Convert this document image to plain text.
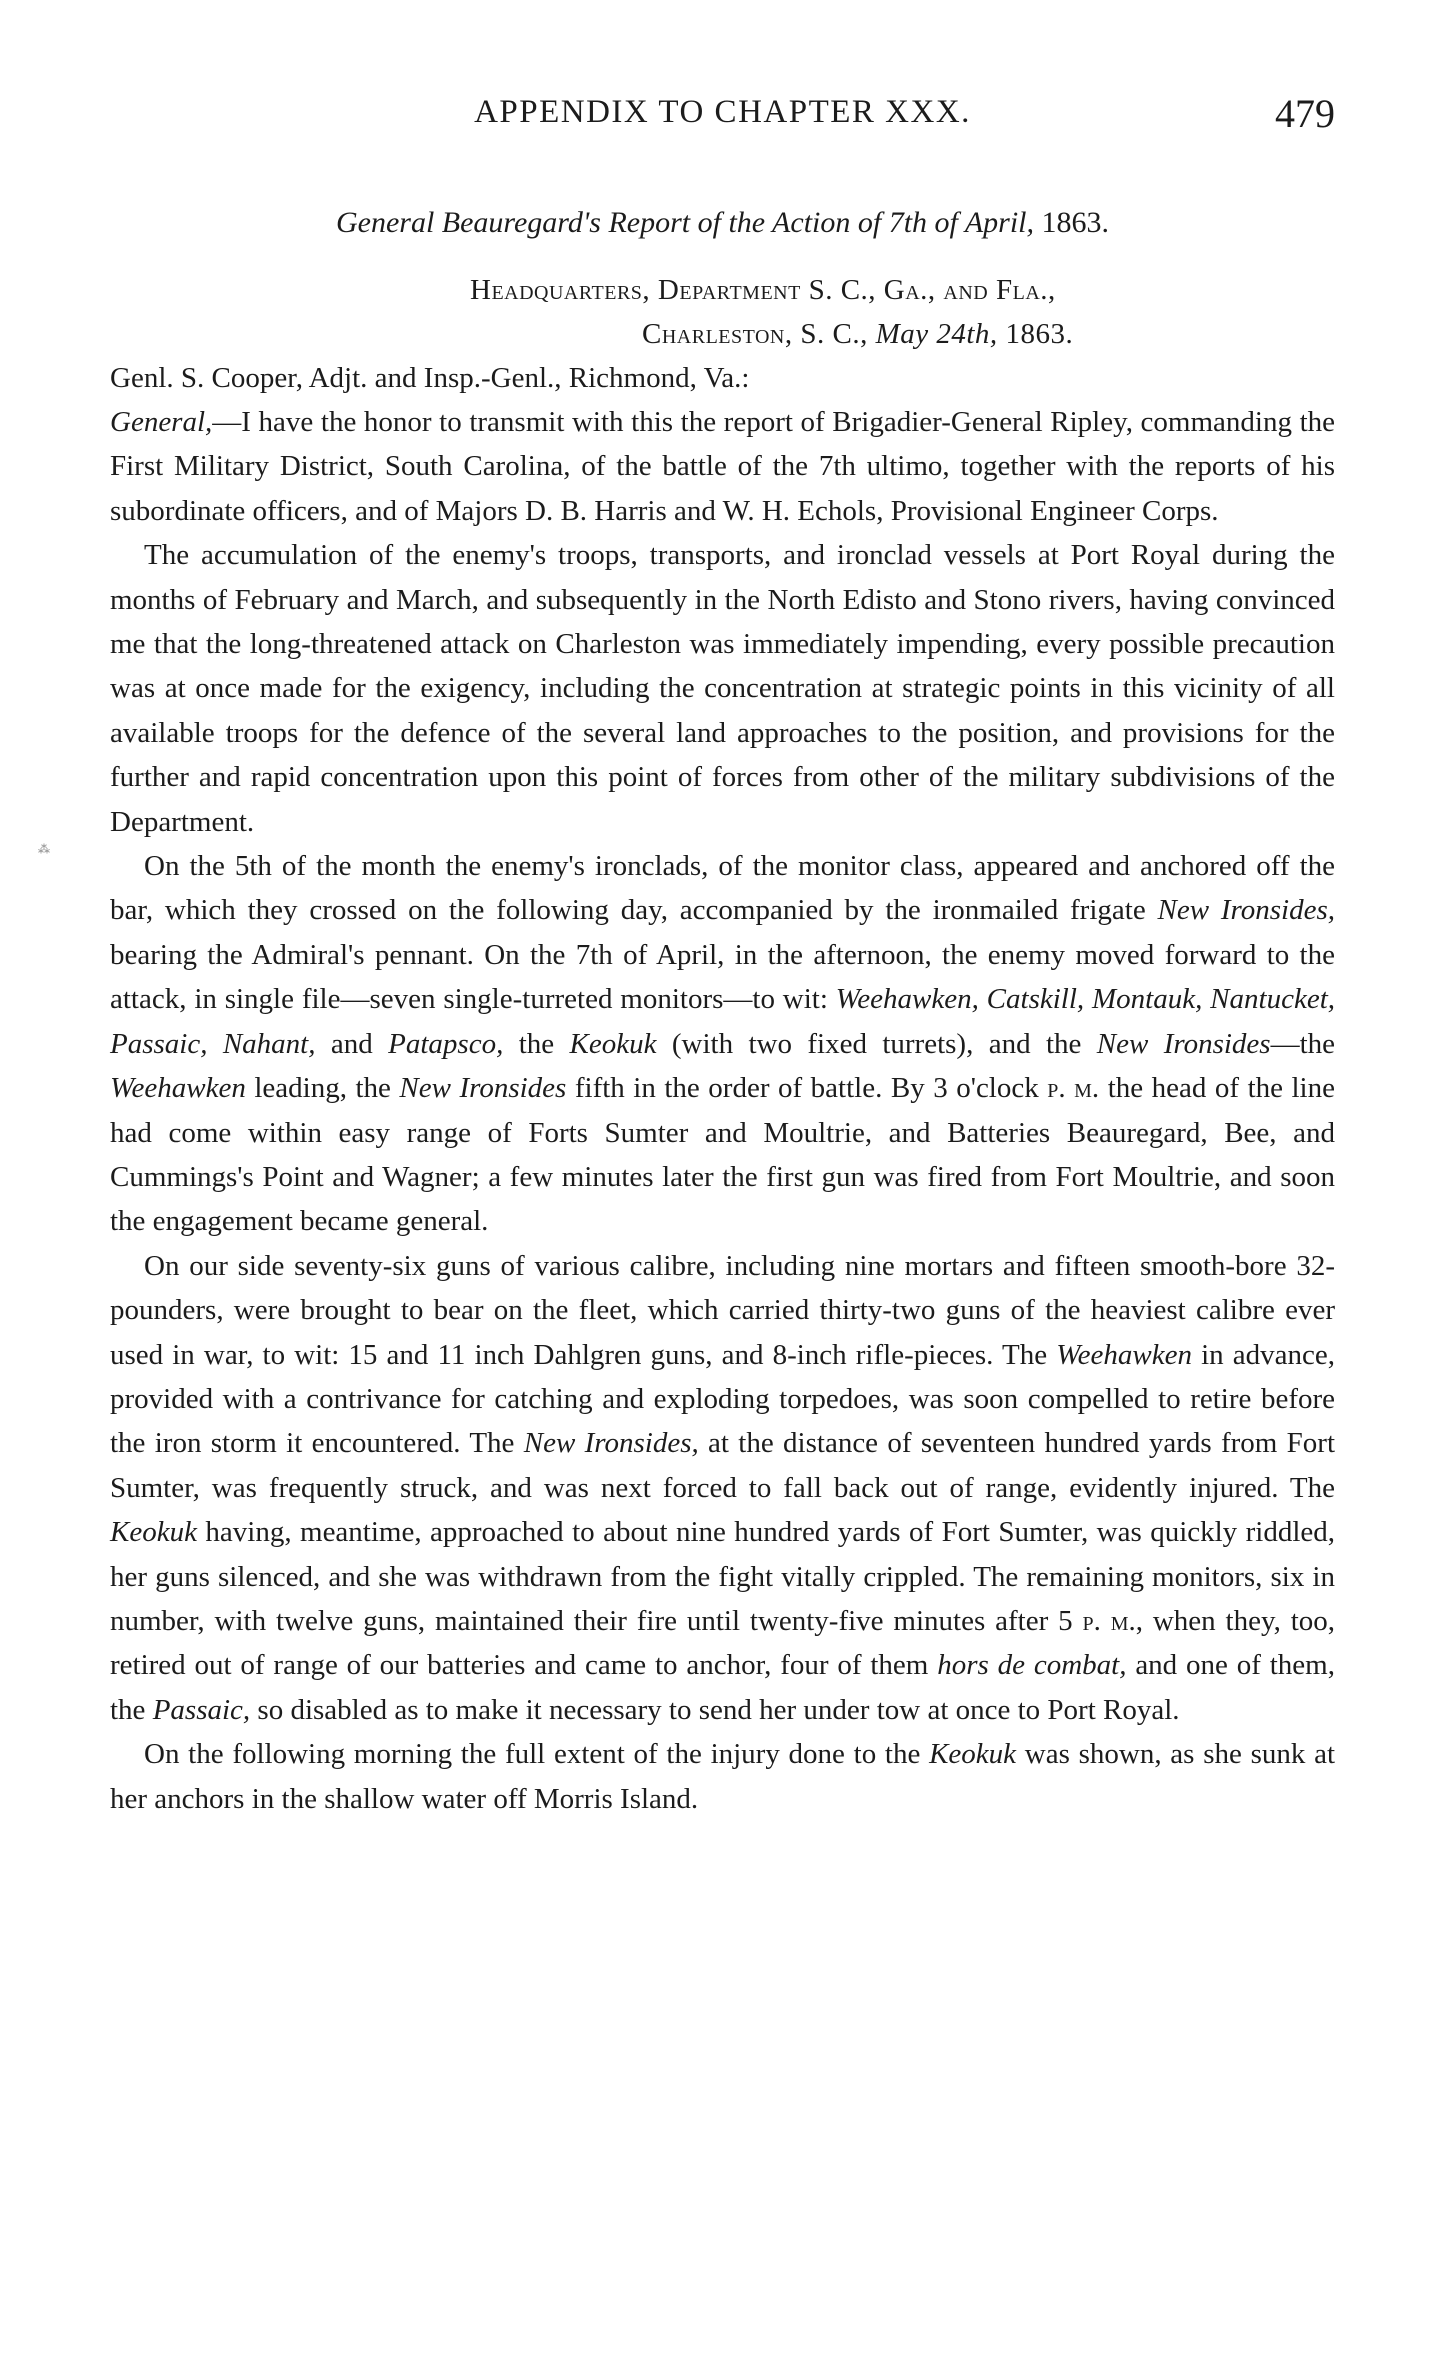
APPENDIX TO CHAPTER XXX.	479
General Beauregard's Report of the Action of 7th of April, 1863.
Headquarters, Department S. C., Ga., and Fla.,
Charleston, S. C., May 24th, 1863.
Genl. S. Cooper, Adjt. and Insp.-Genl., Richmond, Va.:

General,—I have the honor to transmit with this the report of Brigadier-General Ripley, commanding the First Military District, South Carolina, of the battle of the 7th ultimo, together with the reports of his subordinate officers, and of Majors D. B. Harris and W. H. Echols, Provisional Engineer Corps.

The accumulation of the enemy's troops, transports, and ironclad vessels at Port Royal during the months of February and March, and subsequently in the North Edisto and Stono rivers, having convinced me that the long-threatened attack on Charleston was immediately impending, every possible precaution was at once made for the exigency, including the concentration at strategic points in this vicinity of all available troops for the defence of the several land approaches to the position, and provisions for the further and rapid concentration upon this point of forces from other of the military subdivisions of the Department.

On the 5th of the month the enemy's ironclads, of the monitor class, appeared and anchored off the bar, which they crossed on the following day, accompanied by the ironmailed frigate New Ironsides, bearing the Admiral's pennant. On the 7th of April, in the afternoon, the enemy moved forward to the attack, in single file—seven single-turreted monitors—to wit: Weehawken, Catskill, Montauk, Nantucket, Passaic, Nahant, and Patapsco, the Keokuk (with two fixed turrets), and the New Ironsides—the Weehawken leading, the New Ironsides fifth in the order of battle. By 3 o'clock p. m. the head of the line had come within easy range of Forts Sumter and Moultrie, and Batteries Beauregard, Bee, and Cummings's Point and Wagner; a few minutes later the first gun was fired from Fort Moultrie, and soon the engagement became general.

On our side seventy-six guns of various calibre, including nine mortars and fifteen smooth-bore 32-pounders, were brought to bear on the fleet, which carried thirty-two guns of the heaviest calibre ever used in war, to wit: 15 and 11 inch Dahlgren guns, and 8-inch rifle-pieces. The Weehawken in advance, provided with a contrivance for catching and exploding torpedoes, was soon compelled to retire before the iron storm it encountered. The New Ironsides, at the distance of seventeen hundred yards from Fort Sumter, was frequently struck, and was next forced to fall back out of range, evidently injured. The Keokuk having, meantime, approached to about nine hundred yards of Fort Sumter, was quickly riddled, her guns silenced, and she was withdrawn from the fight vitally crippled. The remaining monitors, six in number, with twelve guns, maintained their fire until twenty-five minutes after 5 p. m., when they, too, retired out of range of our batteries and came to anchor, four of them hors de combat, and one of them, the Passaic, so disabled as to make it necessary to send her under tow at once to Port Royal.

On the following morning the full extent of the injury done to the Keokuk was shown, as she sunk at her anchors in the shallow water off Morris Island.

⁂
